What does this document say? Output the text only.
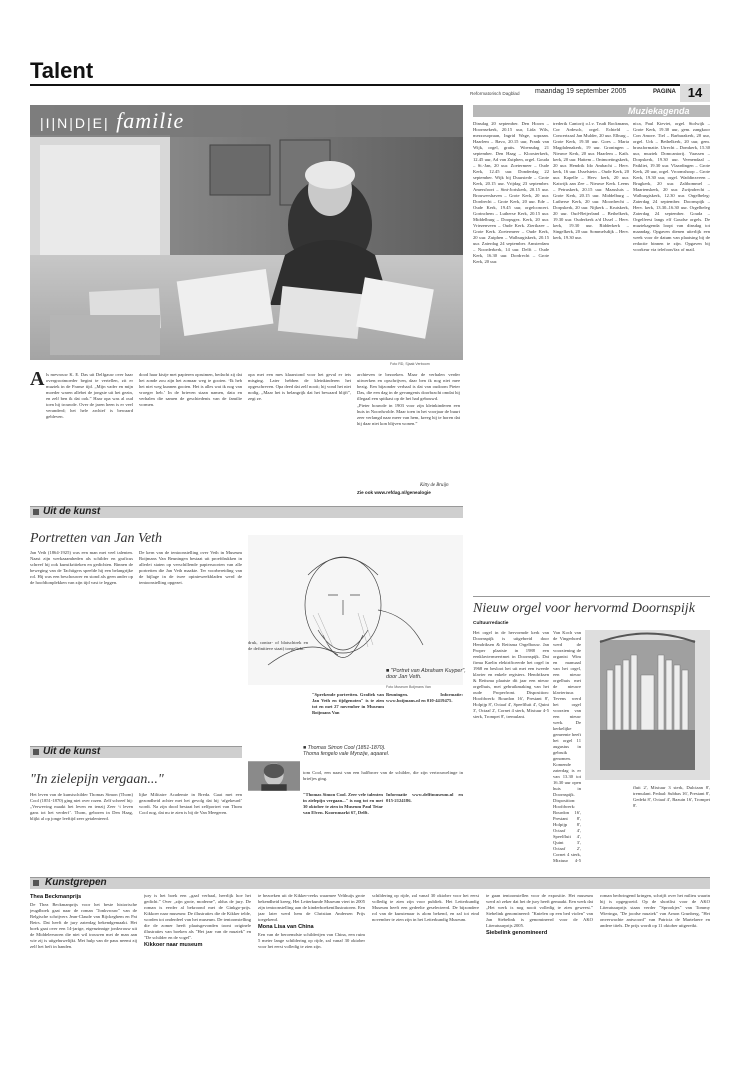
Talent
Reformatorisch Dagblad maandag 19 september 2005	PAGINA 14
|I|N|D|E| familie
Foto RD, Sjaak Verboom
A ls mevrouw K. E. Das uit Delfgauw over haar overgrootmoeder begint te vertellen, zit er muziek in de Franse tijd. „Mijn vader en mijn moeder waren allebei de jongste uit het gezin, en zelf ben ik dat ook.” Haar opa was al oud toen hij trouwde. Over de jaren heen is er veel veranderd; het hele archief is bewaard gebleven.
dood haar kistje met papieren opruimen, bedacht zij dat het zonde zou zijn het zomaar weg te gooien. ‘Ik heb het niet weg kunnen gooien. Het is alles wat ik nog van vroeger heb.’ In de brieven staan namen, data en verhalen die samen de geschiedenis van de familie vormen.
opa met een mes klaarstond voor het geval er iets misging. Later hebben de kleinkinderen het opgeschreven. Opa deed dat zelf nooit; hij vond het niet nodig. „Maar het is belangrijk dat het bewaard blijft”, zegt ze.

archieven te bezoeken. Maar de verhalen verder uitwerken en opschrijven, daar ben ik nog niet mee bezig. Een bijzonder verhaal is dat van oudoom Pieter Das, die een dag in de gevangenis doorbracht omdat hij illegaal een spitkast op de hei had gebouwd.

„Pieter bouwde in 1903 voor zijn kleinkinderen een huis in Noordwolde. Maar toen in het voorjaar de buurt zeer verlangd naar meer van hem, kreeg hij te horen dat hij daar niet kon blijven wonen.”

Kitty de Bruijn
Zie ook www.refdag.nl/genealogie
Muziekagenda
Dinsdag 20 september. Den Hoorn – Hoornsekerk, 20.15 uur, Lida Wils, mezzosopraan, Ingrid Wage, sopraan. Haarlem – Bavo, 20.15 uur, Frank van Wijk, orgel, gratis. Woensdag 21 september. Den Haag – Kloosterkerk, 12.45 uur, Ad van Zutphen, orgel. Gouda – St.-Jan, 20 uur. Zoetermeer – Oude Kerk, 12.45 uur. Donderdag 22 september. Wijk bij Duurstede – Grote Kerk, 20.15 uur. Vrijdag 23 september. Amersfoort – Sint-Joriskerk, 20.15 uur. Brouwershaven – Grote Kerk, 20 uur. Dordrecht – Grote Kerk, 20 uur. Ede – Oude Kerk, 19.45 uur, orgelconcert. Gorinchem – Lutherse Kerk, 20.15 uur. Middelburg – Doopsgez. Kerk, 20 uur. Vriezenveen – Oude Kerk. Zierikzee – Grote Kerk. Zoetermeer – Oude Kerk, 20 uur. Zutphen – Walburgiskerk, 20.15 uur. Zaterdag 24 september. Amsterdam – Noorderkerk, 14 uur. Delft – Oude Kerk, 16.30 uur. Dordrecht – Grote Kerk, 20 uur.
trederik Cantorij o.l.v. Trudi Rockmann, Cor Ardesch, orgel. Echteld – Concertzaal Jan Mulder, 20 uur. Elburg – Grote Kerk, 19.30 uur. Goes – Maria Magdalenakerk, 19 uur. Groningen – Nieuwe Kerk, 20 uur. Haarlem – Kath. kerk, 20 uur. Hattem – Ontmoetingskerk, 20 uur. Hendrik Ido Ambacht – Herv. kerk, 16 uur. IJsselstein – Oude Kerk, 20 uur. Kapelle – Herv. kerk, 20 uur. Katwijk aan Zee – Nieuwe Kerk. Leens – Petruskerk, 20.15 uur. Maassluis – Grote Kerk, 20.15 uur. Middelburg – Lutherse Kerk, 20 uur. Moordrecht – Dorpskerk, 20 uur. Nijkerk – Kruiskerk, 20 uur. Oud-Beijerland – Bethelkerk, 19.30 uur. Ouderkerk a/d IJssel – Herv. kerk, 19.30 uur. Ridderkerk – Singelkerk, 20 uur. Sommelsdijk – Herv. kerk, 19.30 uur.
nica, Paul Kieviet, orgel. Stolwijk – Grote Kerk, 19.30 uur, gem. zangkoor Con Amore. Tiel – Barbarakerk, 20 uur, orgel. Urk – Bethelkerk, 20 uur, gem. brassformatie. Utrecht – Domkerk, 15.30 uur, muziek Domcantorij. Vaassen – Dorpskerk, 19.30 uur. Veenendaal – Patkliet, 19.30 uur. Vlaardingen – Grote Kerk, 20 uur, orgel. Vroomshoop – Grote Kerk, 19.30 uur, orgel. Waddinxveen – Brugkerk, 20 uur. Zaltbommel – Maartenskerk, 20 uur. Zwijndrecht – Walburgiskerk, 12.30 uur. Orgelbeleg: Zaterdag 24 september. Doornspijk – Herv. kerk, 13.30–16.30 uur. Orgelbeleg Zaterdag 24 september. Gouda – Orgelfeest langs elf Goudse orgels. De muziekagenda loopt van dinsdag tot maandag. Opgaven dienen uiterlijk een week voor de datum van plaatsing bij de redactie binnen te zijn. Opgaven bij voorkeur via telefoon/fax of mail.
Uit de kunst
Portretten van Jan Veth
Jan Veth (1864-1925) was een man met veel talenten. Naast zijn werkzaamheden als schilder en graficus schreef hij ook kunstkritieken en gedichten. Binnen de beweging van de Tachtigers speelde hij een belangrijke rol. Hij was een beschouwer en stond als geen ander op de hoofdtonplekken van zijn tijd vast te leggen.
De kern van de tentoonstelling over Veth in Museum Boijmans Van Beuningen bestaat uit proefdrukken in allerlei staten op verschillende papiersoorten van alle portretten die Jan Veth maakte. Ter voorbereiding van de bijlage in de twee opinieweekbladen werd de tentoonstelling opgezet.
druk, contra- of blatschtrek en de definitieve staat) toegelicht.
■ "Portret van Abraham Kuyper", door Jan Veth.
Foto Museum Boijmans Van
"Sprekende portretten. Grafiek van Jan Veth en tijdgenoten" is te zien tot en met 27 november in Museum Boijmans Van
Beuningen. Informatie: www.boijmans.nl en 010-4419475.
Uit de kunst
"In zielepijn vergaan..."
Het leven van de kunstschilder Thomas Simon (Thom) Cool (1851-1870) ging niet over rozen. Zelf schreef hij: „Verweving maakt het leven en tenzij Zeer ‘t leven gans tot het verderf’. Thom, geboren in Den Haag, blijkt al op jonge leeftijd zeer getalenteerd.
lijke Militaire Academie in Breda. Gaat met een gezondheid achter met het gevolg dat hij ‘afgekeurd’ wordt. Na zijn dood bestaat het zelfportret van Thom Cool nog, dat nu te zien is bij de Van Meegeren.
■ Thomas Simon Cool (1851-1870). Thoma fengelo vale Mynzije, aqaarel.
tom Cool, een naast van een halfbroer van de schilder, die zijn vertrouwelinge in briefjes ging.
"Thomas Simon Cool. Zeer vele talenten in zielepijn vergaan..." is nog tot en met 30 oktober te zien in Museum Paul Tetar van Elven. Koornmarkt 67, Delft.
Informatie www.delftmuseum.nl en 015-2124186.
Nieuw orgel voor hervormd Doornspijk
Cultuurredactie
Het orgel in de hervormde kerk van Doornspijk is uitgebreid door Hendriksen & Reitsma Orgelbouw. Jan Proper plaatste in 1988 een eenklaviermeertmet in Doornspijk. Dat firma Kaelin elektrificeerde het orgel in 1968 en besloot het uit met een tweede klavier en enkele registers. Hendriksen & Reitsma plaatste dit jaar een nieuw orgelhuis, met gebruikmaking van het oude Properfront. Disposition: Hoofdwerk: Bourdon 16', Prestant 8', Holpijp 8', Octaaf 4', Speelfluit 4', Quint 3', Octaaf 2', Cornet 4 sterk, Mixtuur 4-5 sterk, Trompet 8', tremulant.
Van Koch van de Vingerhoed werd de voorziening de organist Wim en manuaal van het orgel, een nieuw orgelhuis met de nieuwe klaviertuur. Tevens werd het orgel voorzien van een nieuw werk. De kerkelijke gemeente heeft het orgel 11 augustus in gebruik genomen. Komende zaterdag is er van 13.30 tot 16.30 uur open huis in Doornspijk. Disposition: Hoofdwerk: Bourdon 16', Prestant 8', Holpijp 8', Octaaf 4', Speelfluit 4', Quint 3', Octaaf 2', Cornet 4 sterk, Mixtuur 4-5
fluit 2', Mixtuur 3 sterk, Dulciaan 8', tremulant. Pedaal: Subbas 16', Prestant 8', Gedekt 8', Octaaf 4', Bazuin 16', Trompet 8'.
Kunstgrepen
Thea Beckmanprijs

De Thea Beckmanprijs voor het beste historische jeugdboek gaat naar de roman "Jonkvrouw" van de Belgische schrijvers Jean-Claude van Rijckeghem en Pat Beirs. Dat heeft de jury zaterdag bekendgemaakt. Het boek gaat over een 14-jarige, eigenzinnige jonkvrouw uit de Middeleeuwen die niet wil trouwen met de man aan wie zij is uitgehuwelijkt. Met hulp van de paus neemt zij zelf het heft in handen.

jury is het boek een „gaaf verhaal, heerlijk hoe het gedicht.” Over „zijn grote, moderne”, aldus de jury. De roman is eerder al bekroond met de Ginkgo-prijs. Kikkoer naar museum: De illustraties die de Kikker telde, worden tot onderdeel van het museum. De tentoonstelling die de zomer heeft plaatsgevonden toont originele illustraties van boeken als "Het jaar van de muziek" en "De schilder en de vogel".

Kikkoer naar museum

te bezoeken uit de Kikker-reeks waarmee Velthuijs grote bekendheid kreeg. Het Letterkunde Museum viert in 2005 zijn tentoonstelling aan de kinderboekenillustratoren. Een jaar later werd hem de Christian Andersen Prijs toegekend.

Mona Lisa van China

Een van de beroemdste schilderijen van China, een ruim 5 meter lange schildering op rijde, zal vanaf 30 oktober voor het eerst volledig te zien zijn.

schildering op rijde, zal vanaf 30 oktober voor het eerst volledig te zien zijn voor publiek. Het Letterkundig Museum heeft een gedeelte geselecteerd. De bijzondere rol van de kunstenaar is alom bekend, en zal tot eind november te zien zijn in het Letterkundig Museum.

te gaan tentoonstellen voor de expositie. Het museum werd zó zeker dat het de jury heeft gemaakt. Een werk dat „Het werk is nog nooit volledig te zien geweest.” Siebelink genomineerd: "Knielen op een bed violen" van Jan Siebelink is genomineerd voor de AKO Literatuurprijs 2005.

Siebelink genomineerd
roman bedwingend kringen, schrijft over het milieu waarin hij is opgegroeid. Op de shortlist voor de AKO Literatuurprijs staan verder "Sprookjes" van Tommy Wieringa, "De joodse muziek" van Arnon Grunberg, "Het onverwachte antwoord" van Patricia de Martelaere en andere titels. De prijs wordt op 11 oktober uitgereikt.
